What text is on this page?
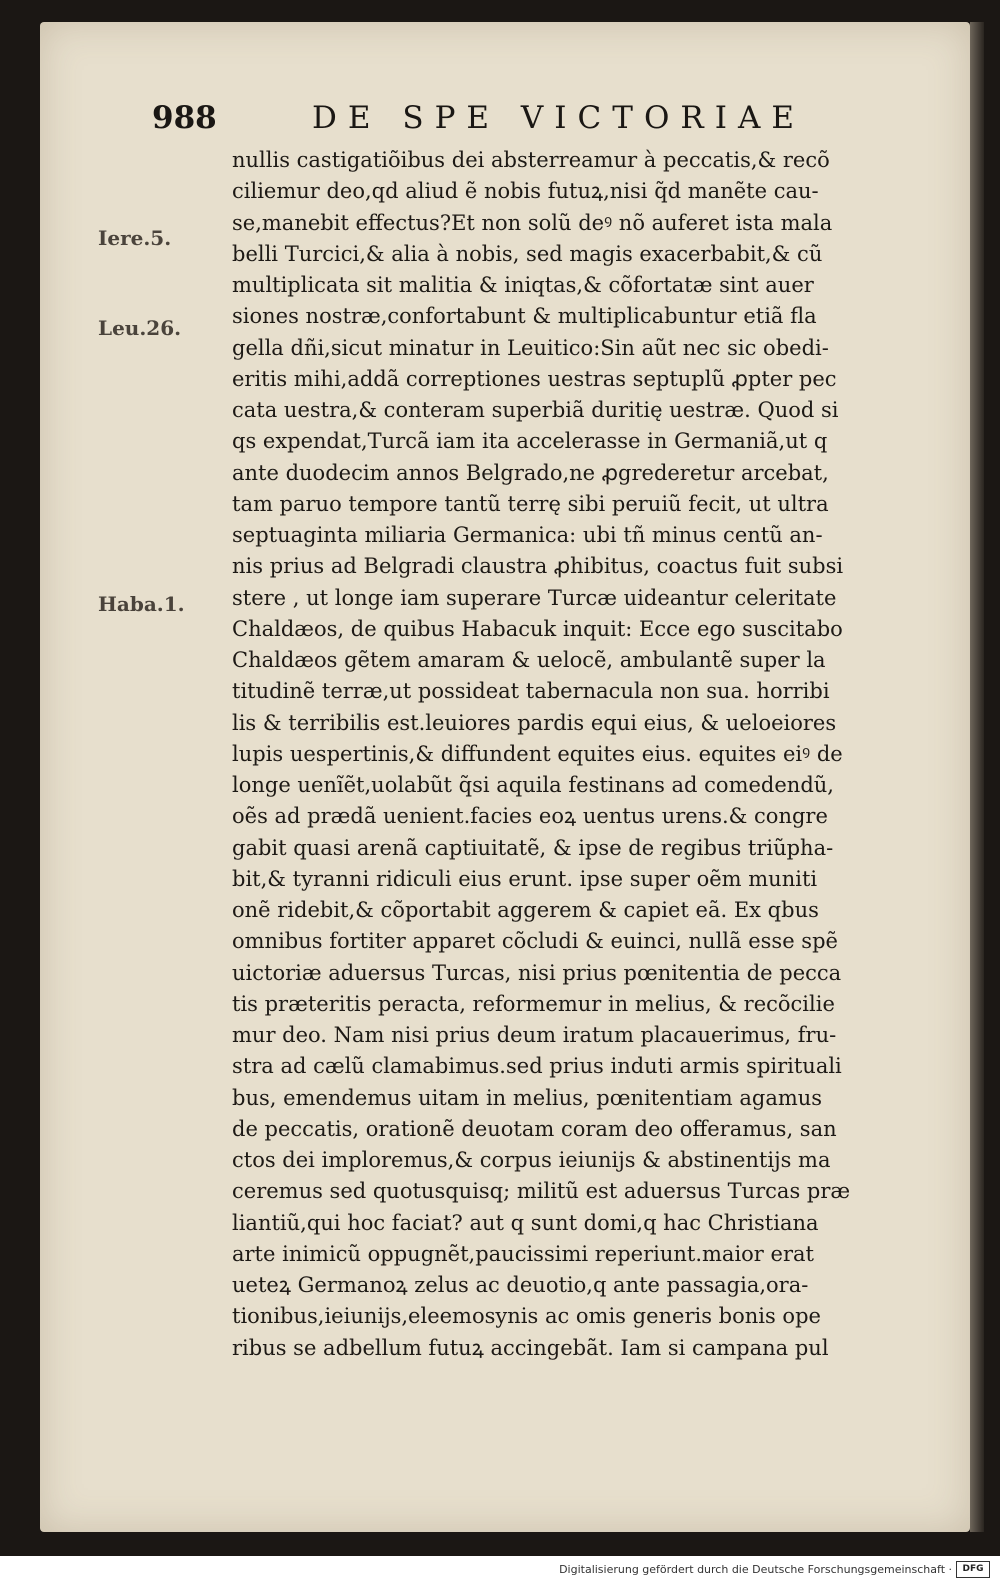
988	DE SPE VICTORIAE
Iere.5.
Leu.26.
Haba.1.
nullis castigatiõibus dei absterreamur à peccatis,& recõ
ciliemur deo,qd aliud ẽ nobis futuꝝ,nisi q̃d manẽte cau-
se,manebit effectus?Et non solũ deꝰ nõ auferet ista mala
belli Turcici,& alia à nobis, sed magis exacerbabit,& cũ
multiplicata sit malitia & iniqtas,& cõfortatæ sint auer
siones nostræ,confortabunt & multiplicabuntur etiã fla
gella dñi,sicut minatur in Leuitico:Sin aũt nec sic obedi-
eritis mihi,addã correptiones uestras septuplũ ꝓpter pec
cata uestra,& conteram superbiã duritię uestræ. Quod si
qs expendat,Turcã iam ita accelerasse in Germaniã,ut q
ante duodecim annos Belgrado,ne ꝓgrederetur arcebat,
tam paruo tempore tantũ terrę sibi peruiũ fecit, ut ultra
septuaginta miliaria Germanica: ubi tñ minus centũ an-
nis prius ad Belgradi claustra ꝓhibitus, coactus fuit subsi
stere , ut longe iam superare Turcæ uideantur celeritate
Chaldæos, de quibus Habacuk inquit: Ecce ego suscitabo
Chaldæos gẽtem amaram & uelocẽ, ambulantẽ super la
titudinẽ terræ,ut possideat tabernacula non sua. horribi
lis & terribilis est.leuiores pardis equi eius, & ueloeiores
lupis uespertinis,& diffundent equites eius. equites eiꝰ de
longe uenĩẽt,uolabũt q̃si aquila festinans ad comedendũ,
oẽs ad prædã uenient.facies eoꝝ uentus urens.& congre
gabit quasi arenã captiuitatẽ, & ipse de regibus triũpha-
bit,& tyranni ridiculi eius erunt. ipse super oẽm muniti
onẽ ridebit,& cõportabit aggerem & capiet eã. Ex qbus
omnibus fortiter apparet cõcludi & euinci, nullã esse spẽ
uictoriæ aduersus Turcas, nisi prius pœnitentia de pecca
tis præteritis peracta, reformemur in melius, & recõcilie
mur deo. Nam nisi prius deum iratum placauerimus, fru-
stra ad cælũ clamabimus.sed prius induti armis spirituali
bus, emendemus uitam in melius, pœnitentiam agamus
de peccatis, orationẽ deuotam coram deo offeramus, san
ctos dei imploremus,& corpus ieiunijs & abstinentijs ma
ceremus sed quotusquisq; militũ est aduersus Turcas præ
liantiũ,qui hoc faciat? aut q sunt domi,q hac Christiana
arte inimicũ oppugnẽt,paucissimi reperiunt.maior erat
ueteꝝ Germanoꝝ zelus ac deuotio,q ante passagia,ora-
tionibus,ieiunijs,eleemosynis ac omis generis bonis ope
ribus se adbellum futuꝝ accingebãt. Iam si campana pul
Digitalisierung gefördert durch die Deutsche Forschungsgemeinschaft ·	DFG
